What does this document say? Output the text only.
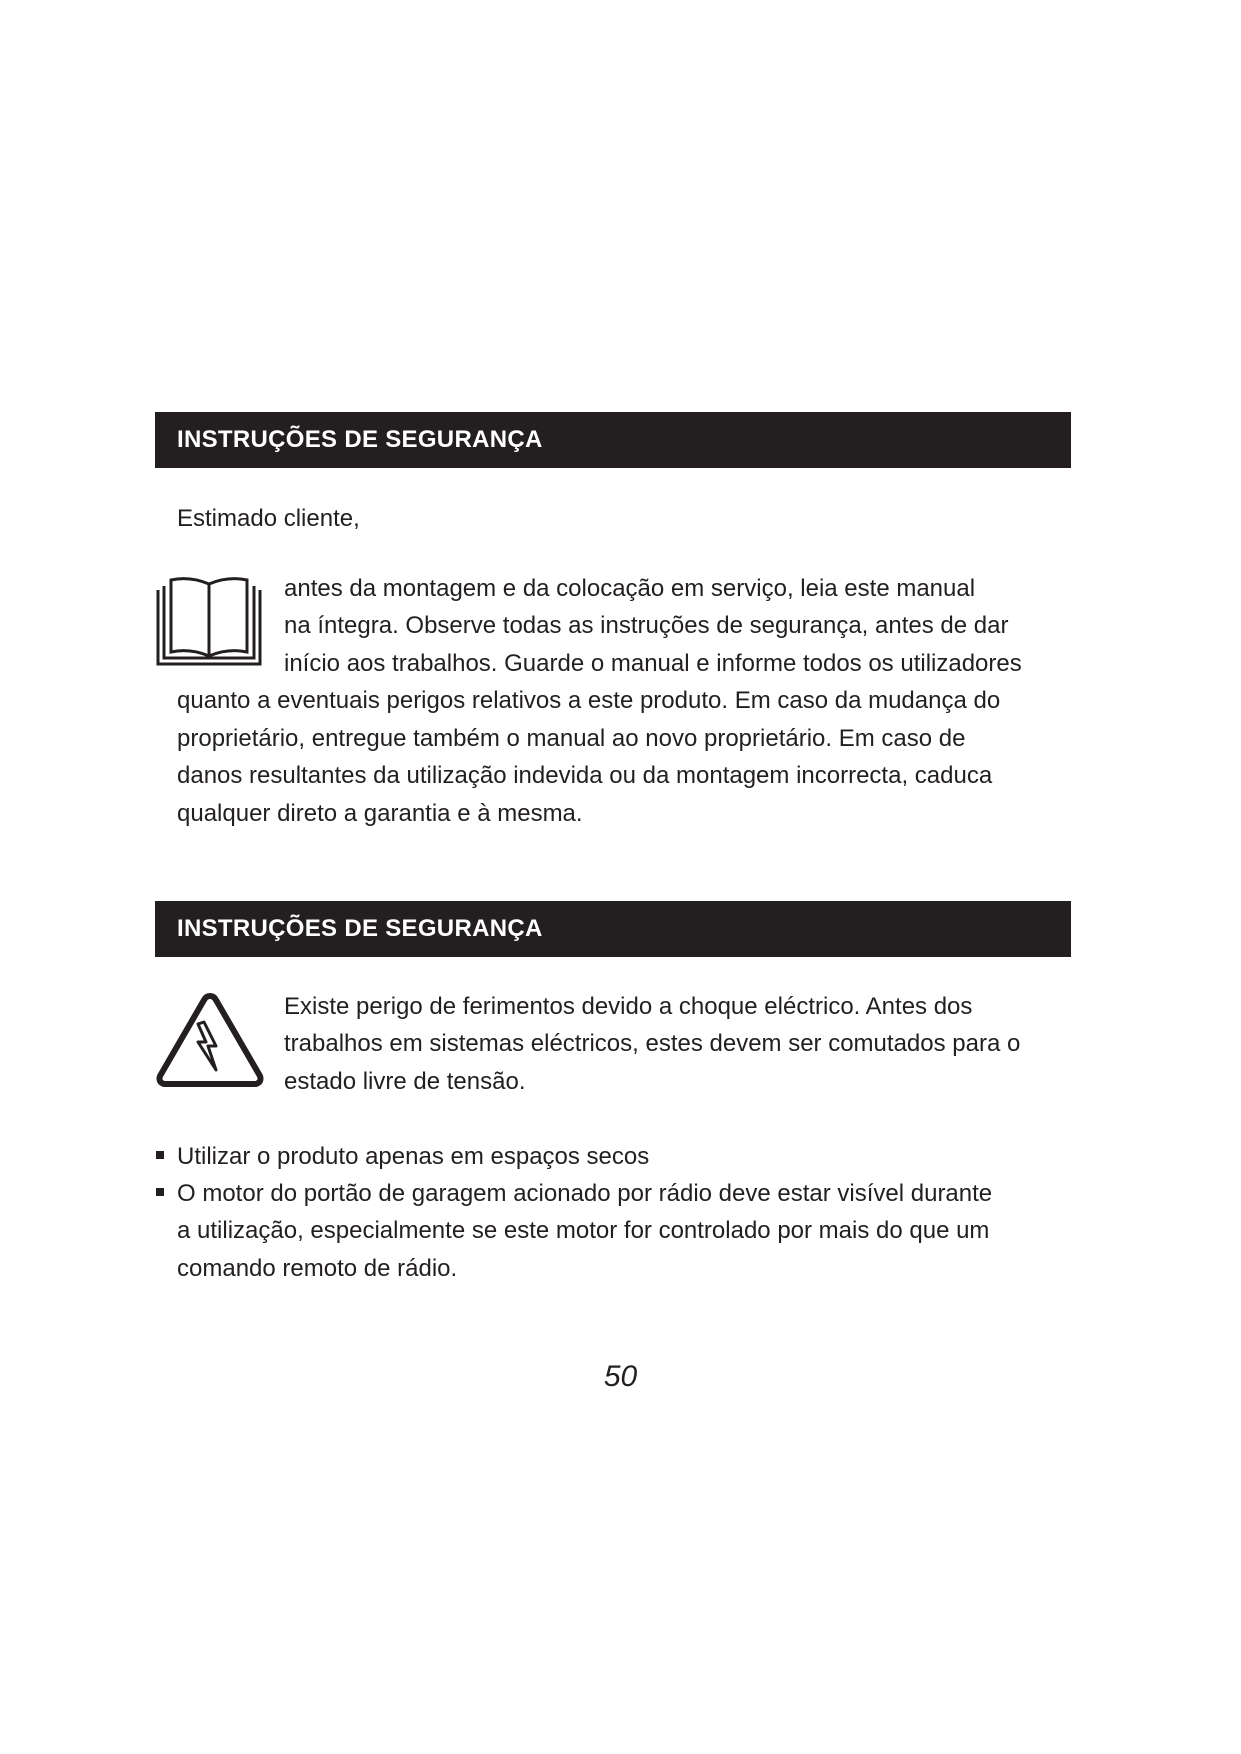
INSTRUÇÕES DE SEGURANÇA
Estimado cliente,
antes da montagem e da colocação em serviço, leia este manual
na íntegra. Observe todas as instruções de segurança, antes de dar
início aos trabalhos. Guarde o manual e informe todos os utilizadores
quanto a eventuais perigos relativos a este produto. Em caso da mudança do
proprietário, entregue também o manual ao novo proprietário. Em caso de
danos resultantes da utilização indevida ou da montagem incorrecta, caduca
qualquer direto a garantia e à mesma.
INSTRUÇÕES DE SEGURANÇA
Existe perigo de ferimentos devido a choque eléctrico. Antes dos
trabalhos em sistemas eléctricos, estes devem ser comutados para o
estado livre de tensão.
Utilizar o produto apenas em espaços secos
O motor do portão de garagem acionado por rádio deve estar visível durante
a utilização, especialmente se este motor for controlado por mais do que um
comando remoto de rádio.
50
